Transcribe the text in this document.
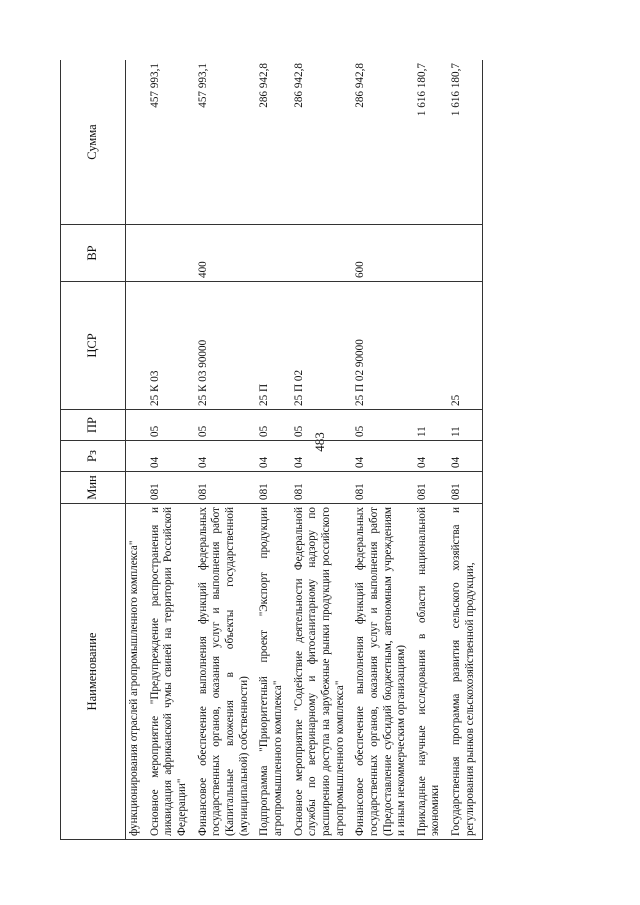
483
Наименование	Мин	Рз	ПР	ЦСР	ВР	Сумма
функционирования отраслей агропромышленного комплекса"						
Основное мероприятие "Предупреждение распространения и ликвидация африканской чумы свиней на территории Российской Федерации"	081	04	05	25 К 03		457 993,1
Финансовое обеспечение выполнения функций федеральных государственных органов, оказания услуг и выполнения работ (Капитальные вложения в объекты государственной (муниципальной) собственности)	081	04	05	25 К 03 90000	400	457 993,1
Подпрограмма "Приоритетный проект "Экспорт продукции агропромышленного комплекса"	081	04	05	25 П		286 942,8
Основное мероприятие "Содействие деятельности Федеральной службы по ветеринарному и фитосанитарному надзору по расширению доступа на зарубежные рынки продукции российского агропромышленного комплекса"	081	04	05	25 П 02		286 942,8
Финансовое обеспечение выполнения функций федеральных государственных органов, оказания услуг и выполнения работ (Предоставление субсидий бюджетным, автономным учреждениям и иным некоммерческим организациям)	081	04	05	25 П 02 90000	600	286 942,8
Прикладные научные исследования в области национальной экономики	081	04	11			1 616 180,7
Государственная программа развития сельского хозяйства и регулирования рынков сельскохозяйственной продукции,	081	04	11	25		1 616 180,7
